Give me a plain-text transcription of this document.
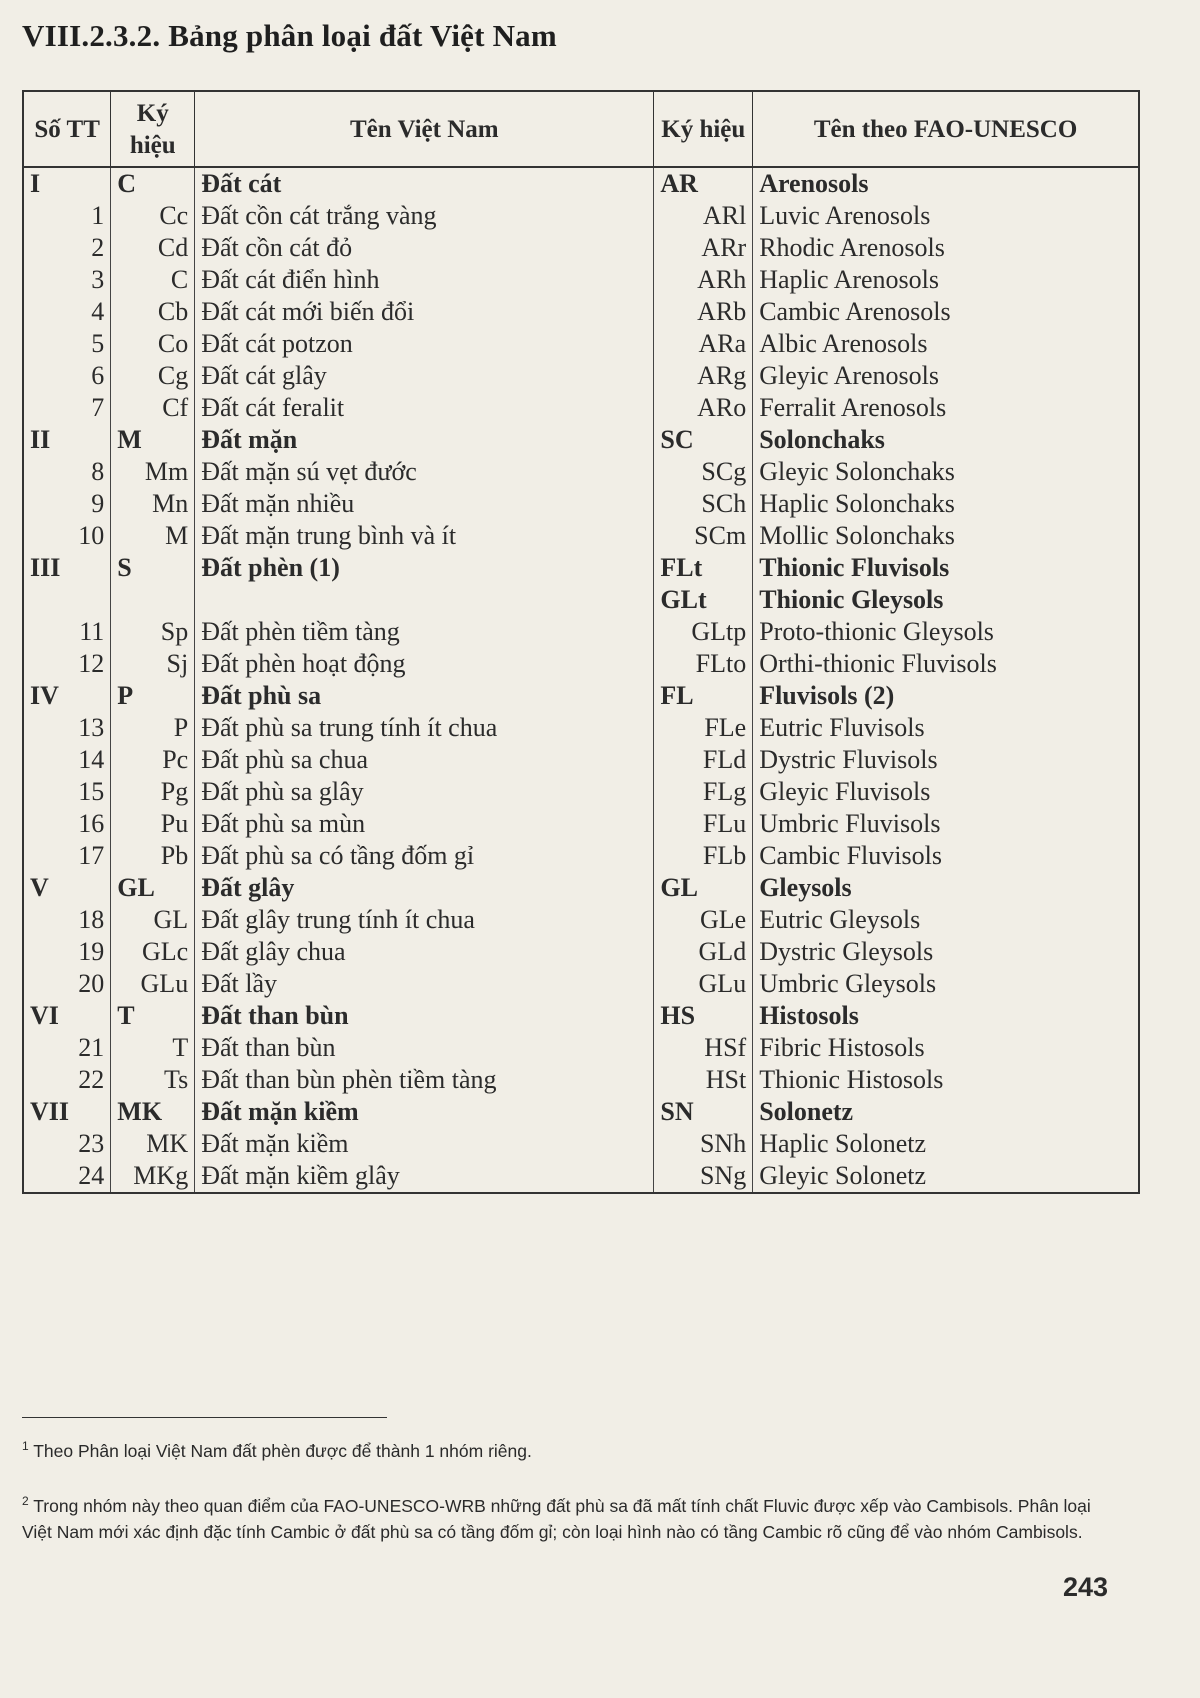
VIII.2.3.2. Bảng phân loại đất Việt Nam
Số TT	Ký hiệu	Tên Việt Nam	Ký hiệu	Tên theo FAO-UNESCO
I	C	Đất cát	AR	Arenosols
1	Cc	Đất cồn cát trắng vàng	ARl	Luvic Arenosols
2	Cd	Đất cồn cát đỏ	ARr	Rhodic Arenosols
3	C	Đất cát điển hình	ARh	Haplic Arenosols
4	Cb	Đất cát mới biến đổi	ARb	Cambic Arenosols
5	Co	Đất cát potzon	ARa	Albic Arenosols
6	Cg	Đất cát glây	ARg	Gleyic Arenosols
7	Cf	Đất cát feralit	ARo	Ferralit Arenosols
II	M	Đất mặn	SC	Solonchaks
8	Mm	Đất mặn sú vẹt đước	SCg	Gleyic Solonchaks
9	Mn	Đất mặn nhiều	SCh	Haplic Solonchaks
10	M	Đất mặn trung bình và ít	SCm	Mollic Solonchaks
III	S	Đất phèn (1)	FLt	Thionic Fluvisols
			GLt	Thionic Gleysols
11	Sp	Đất phèn tiềm tàng	GLtp	Proto-thionic Gleysols
12	Sj	Đất phèn hoạt động	FLto	Orthi-thionic Fluvisols
IV	P	Đất phù sa	FL	Fluvisols (2)
13	P	Đất phù sa trung tính ít chua	FLe	Eutric Fluvisols
14	Pc	Đất phù sa chua	FLd	Dystric Fluvisols
15	Pg	Đất phù sa glây	FLg	Gleyic Fluvisols
16	Pu	Đất phù sa mùn	FLu	Umbric Fluvisols
17	Pb	Đất phù sa có tầng đốm gỉ	FLb	Cambic Fluvisols
V	GL	Đất glây	GL	Gleysols
18	GL	Đất glây trung tính ít chua	GLe	Eutric Gleysols
19	GLc	Đất glây chua	GLd	Dystric Gleysols
20	GLu	Đất lầy	GLu	Umbric Gleysols
VI	T	Đất than bùn	HS	Histosols
21	T	Đất than bùn	HSf	Fibric Histosols
22	Ts	Đất than bùn phèn tiềm tàng	HSt	Thionic Histosols
VII	MK	Đất mặn kiềm	SN	Solonetz
23	MK	Đất mặn kiềm	SNh	Haplic Solonetz
24	MKg	Đất mặn kiềm glây	SNg	Gleyic Solonetz
$^1$ Theo Phân loại Việt Nam đất phèn được để thành 1 nhóm riêng.
$^2$ Trong nhóm này theo quan điểm của FAO-UNESCO-WRB những đất phù sa đã mất tính chất Fluvic được xếp vào Cambisols. Phân loại Việt Nam mới xác định đặc tính Cambic ở đất phù sa có tầng đốm gỉ; còn loại hình nào có tầng Cambic rõ cũng để vào nhóm Cambisols.
243
